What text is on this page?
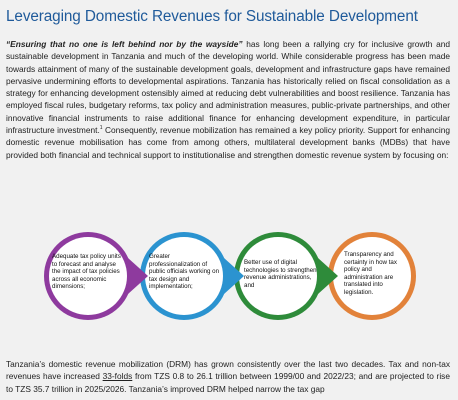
Leveraging Domestic Revenues for Sustainable Development

“Ensuring that no one is left behind nor by the wayside” has long been a rallying cry for inclusive growth and sustainable development in Tanzania and much of the developing world. While considerable progress has been made towards attainment of many of the sustainable development goals, development and infrastructure gaps have remained pervasive undermining efforts to developmental aspirations. Tanzania has historically relied on fiscal consolidation as a strategy for enhancing development ostensibly aimed at reducing debt vulnerabilities and boost resilience. Tanzania has employed fiscal rules, budgetary reforms, tax policy and administration measures, public-private partnerships, and other innovative financial instruments to raise additional finance for enhancing development expenditure, in particular infrastructure investment.$^1$ Consequently, revenue mobilization has remained a key policy priority. Support for enhancing domestic revenue mobilisation has come from among others, multilateral development banks (MDBs) that have provided both financial and technical support to institutionalise and strengthen domestic revenue system by focusing on:

Adequate tax policy units to forecast and analyse the impact of tax policies across all economic dimensions;
Greater professionalization of public officials working on tax design and implementation;
Better use of digital technologies to strengthen revenue administrations, and
Transparency and certainty in how tax policy and administration are translated into legislation.

Tanzania’s domestic revenue mobilization (DRM) has grown consistently over the last two decades. Tax and non-tax revenues have increased 33-folds from TZS 0.8 to 26.1 trillion between 1999/00 and 2022/23; and are projected to rise to TZS 35.7 trillion in 2025/2026. Tanzania’s improved DRM helped narrow the tax gap
